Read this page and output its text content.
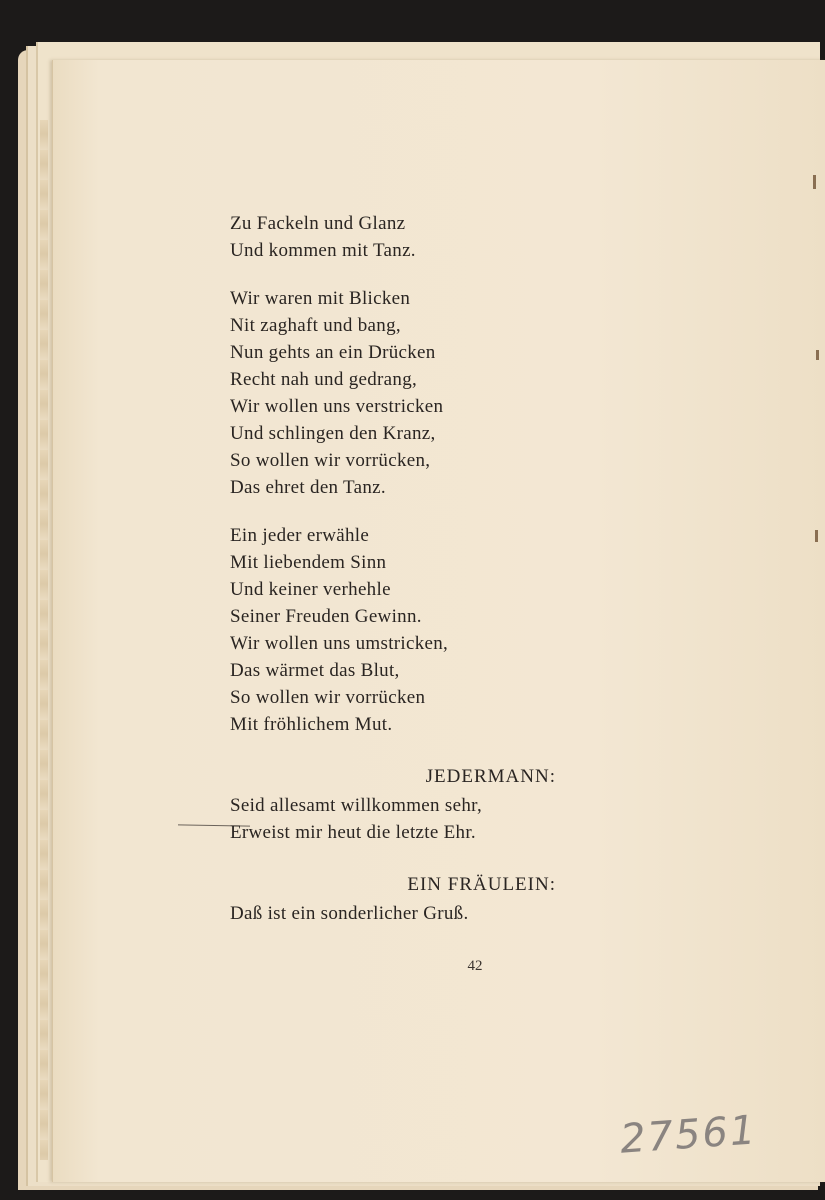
Zu Fackeln und Glanz
Und kommen mit Tanz.
Wir waren mit Blicken
Nit zaghaft und bang,
Nun gehts an ein Drücken
Recht nah und gedrang,
Wir wollen uns verstricken
Und schlingen den Kranz,
So wollen wir vorrücken,
Das ehret den Tanz.
Ein jeder erwähle
Mit liebendem Sinn
Und keiner verhehle
Seiner Freuden Gewinn.
Wir wollen uns umstricken,
Das wärmet das Blut,
So wollen wir vorrücken
Mit fröhlichem Mut.
JEDERMANN:
Seid allesamt willkommen sehr,
Erweist mir heut die letzte Ehr.
EIN FRÄULEIN:
Daß ist ein sonderlicher Gruß.
42
27561
